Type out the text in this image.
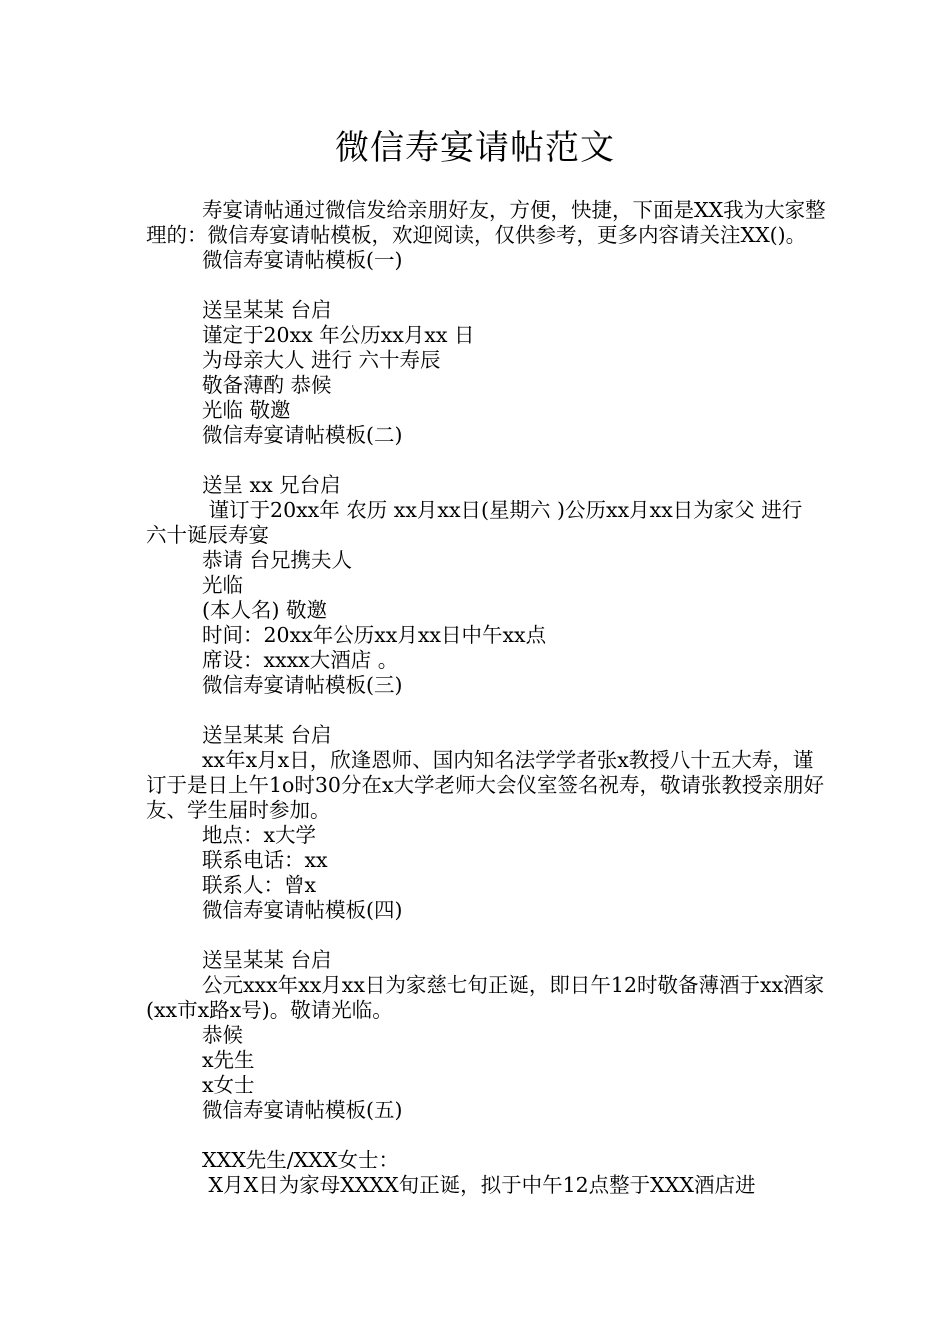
微信寿宴请帖范文

寿宴请帖通过微信发给亲朋好友，方便，快捷，下面是XX我为大家整理的：微信寿宴请帖模板，欢迎阅读，仅供参考，更多内容请关注XX()。

微信寿宴请帖模板(一)

送呈某某 台启

谨定于20xx 年公历xx月xx 日

为母亲大人 进行 六十寿辰

敬备薄酌 恭候

光临 敬邀

微信寿宴请帖模板(二)

送呈 xx 兄台启

谨订于20xx年 农历 xx月xx日(星期六 )公历xx月xx日为家父 进行 六十诞辰寿宴

恭请 台兄携夫人

光临

(本人名) 敬邀

时间：20xx年公历xx月xx日中午xx点

席设：xxxx大酒店 。

微信寿宴请帖模板(三)

送呈某某 台启

xx年x月x日，欣逢恩师、国内知名法学学者张x教授八十五大寿，谨订于是日上午1o时30分在x大学老师大会仪室签名祝寿，敬请张教授亲朋好友、学生届时参加。

地点：x大学

联系电话：xx

联系人：曾x

微信寿宴请帖模板(四)

送呈某某 台启

公元xxx年xx月xx日为家慈七旬正诞，即日午12时敬备薄酒于xx酒家(xx市x路x号)。敬请光临。

恭候

x先生

x女士

微信寿宴请帖模板(五)

XXX先生/XXX女士：

X月X日为家母XXXX旬正诞，拟于中午12点整于XXX酒店进
